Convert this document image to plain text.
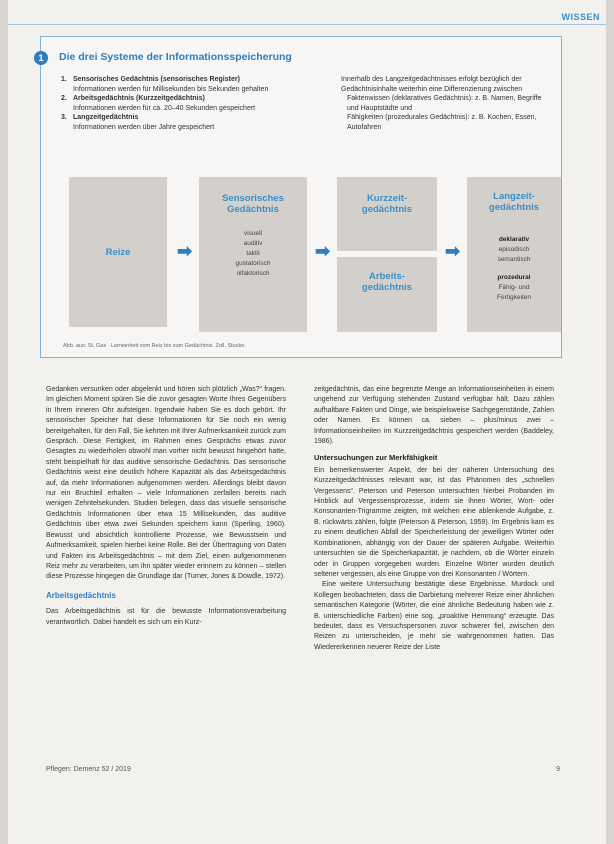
WISSEN
1	Die drei Systeme der Informationsspeicherung
1. Sensorisches Gedächtnis (sensorisches Register)
Informationen werden für Millisekunden bis Sekunden gehalten
2. Arbeitsgedächtnis (Kurzzeitgedächtnis)
Informationen werden für ca. 20–40 Sekunden gespeichert
3. Langzeitgedächtnis
Informationen werden über Jahre gespeichert
Innerhalb des Langzeitgedächtnisses erfolgt bezüglich der Gedächtnisinhalte weiterhin eine Differenzierung zwischen
Faktenwissen (deklaratives Gedächtnis): z. B. Namen, Begriffe und Hauptstädte und
Fähigkeiten (prozedurales Gedächtnis): z. B. Kochen, Essen, Autofahren
Reize	➡
Sensorisches Gedächtnis
visuell
auditiv
taktil
gustatorisch
olfaktorisch
➡
Kurzzeit-gedächtnis
Arbeits-gedächtnis
➡
Langzeit-gedächtnis
deklarativ
episodisch
semantisch
prozedural
Fähig- und
Fertigkeiten
Abb. aus: St. Gas · Lerneinheit vom Reiz bis zum Gedächtnis. Zoll. Stucke.

Gedanken versunken oder abgelenkt und hören sich plötzlich „Was?“ fragen. Im gleichen Moment spüren Sie die zuvor gesagten Worte Ihres Gegenübers in Ihrem inneren Ohr aufsteigen. Irgendwie haben Sie es doch gehört. Ihr sensorischer Speicher hat diese Informationen für Sie noch ein wenig bereitgehalten, für den Fall, Sie kehrten mit Ihrer Aufmerksamkeit zurück zum Gespräch. Diese Fertigkeit, im Rahmen eines Gesprächs etwas zuvor Gesagtes zu wiederholen obwohl man vorher nicht bewusst hingehört hatte, steht beispielhaft für das auditive sensorische Gedächtnis. Das sensorische Gedächtnis weist eine deutlich höhere Kapazität als das Arbeitsgedächtnis auf, da mehr Informationen aufgenommen werden. Allerdings bleibt davon nur ein Bruchteil erhalten – viele Informationen zerfallen bereits nach wenigen Zehntelsekunden. Studien belegen, dass das visuelle sensorische Gedächtnis Informationen über etwa 15 Millisekunden, das auditive Gedächtnis über etwa zwei Sekunden speichern kann (Sperling, 1960). Bewusst und absichtlich kontrollierte Prozesse, wie Bewusstsein und Aufmerksamkeit, spielen hierbei keine Rolle. Bei der Übertragung von Daten und Fakten ins Arbeitsgedächtnis – mit dem Ziel, einen aufgenommenen Reiz mehr zu verarbeiten, um ihn später wieder erinnern zu können – stellen diese Prozesse hingegen die Grundlage dar (Turner, Jones & Dowdle, 1972).

Arbeitsgedächtnis

Das Arbeitsgedächtnis ist für die bewusste Informationsverarbeitung verantwortlich. Dabei handelt es sich um ein Kurz-

zeitgedächtnis, das eine begrenzte Menge an Informationseinheiten in einem ungehend zur Verfügung stehenden Zustand verfügbar hält. Dazu zählen aufhaltbare Fakten und Dinge, wie beispielsweise Sachgegenstände, Zahlen oder Namen. Es können ca. sieben – plus/minus zwei – Informationseinheiten im Kurzzeitgedächtnis gespeichert werden (Baddeley, 1986).

Untersuchungen zur Merkfähigkeit

Ein bemerkenswerter Aspekt, der bei der näheren Untersuchung des Kurzzeitgedächtnisses relevant war, ist das Phänomen des „schnellen Vergessens“. Peterson und Peterson untersuchten hierbei Probanden im Hinblick auf Vergessensprozesse, indem sie ihnen Wörter, Wort- oder Konsonanten-Trigramme zeigten, mit welchen eine ablenkende Aufgabe, z. B. rückwärts zählen, folgte (Peterson & Peterson, 1959). Im Ergebnis kam es zu einem deutlichen Abfall der Speicherleistung der jeweiligen Wörter oder Kombinationen, abhängig von der Dauer der späteren Aufgabe. Weiterhin untersuchten sie die Speicherkapazität, je nachdem, ob die Wörter einzeln oder in Gruppen vorgegeben wurden. Einzelne Wörter wurden deutlich seltener vergessen, als eine Gruppe von drei Konsonanten / Wörtern.

Eine weitere Untersuchung bestätigte diese Ergebnisse. Murdock und Kollegen beobachteten, dass die Darbietung mehrerer Reize einer ähnlichen semantischen Kategorie (Wörter, die eine ähnliche Bedeutung haben wie z. B. unterschiedliche Farben) eine sog. „proaktive Hemmung“ erzeugte. Das bedeutet, dass es Versuchspersonen zuvor schwerer fiel, zwischen den Reizen zu unterscheiden, je mehr sie wahrgenommen hatten. Das Wiedererkennen neuerer Reize der Liste

Pflegen: Demenz 52 / 2019	9
